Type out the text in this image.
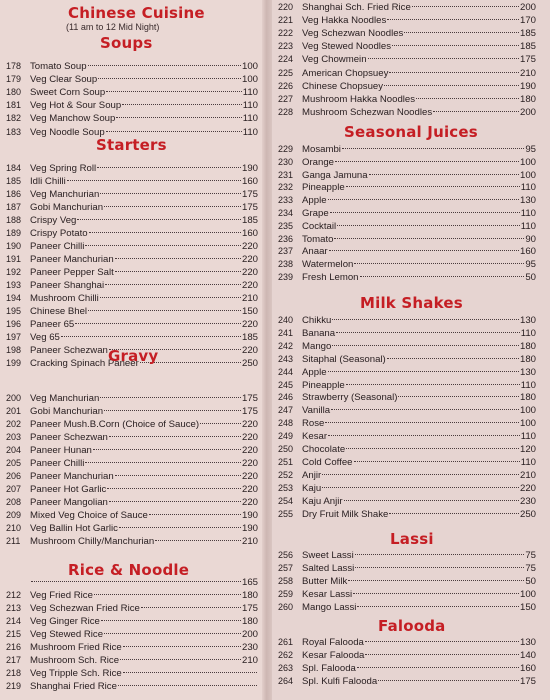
Chinese Cuisine
(11 am to 12 Mid Night)
Soups
178 Tomato Soup	100
179 Veg Clear Soup	100
180 Sweet Corn Soup	110
181 Veg Hot & Sour Soup	110
182 Veg Manchow Soup	110
183 Veg Noodle Soup	110
Starters
184 Veg Spring Roll	190
185 Idli Chilli	160
186 Veg Manchurian	175
187 Gobi Manchurian	175
188 Crispy Veg	185
189 Crispy Potato	160
190 Paneer Chilli	220
191 Paneer Manchurian	220
192 Paneer Pepper Salt	220
193 Paneer Shanghai	220
194 Mushroom Chilli	210
195 Chinese Bhel	150
196 Paneer 65	220
197 Veg 65	185
198 Paneer Schezwan	220
199 Cracking Spinach Paneer	250
Gravy
200 Veg Manchurian	175
201 Gobi Manchurian	175
202 Paneer Mush.B.Corn (Choice of Sauce)	220
203 Paneer Schezwan	220
204 Paneer Hunan	220
205 Paneer Chilli	220
206 Paneer Manchurian	220
207 Paneer Hot Garlic	220
208 Paneer Mangolian	220
209 Mixed Veg Choice of Sauce	190
210 Veg Ballin Hot Garlic	190
211	Mushroom Chilly/Manchurian	210
Rice & Noodle
165
212 Veg Fried Rice	180
213 Veg Schezwan Fried Rice	175
214 Veg Ginger Rice	180
215 Veg Stewed Rice	200
216 Mushroom Fried Rice	230
217 Mushroom Sch. Rice	210
218 Veg Tripple Sch. Rice
219 Shanghai Fried Rice
220 Shanghai Sch. Fried Rice	200
221 Veg Hakka Noodles	170
222 Veg Schezwan Noodles	185
223 Veg Stewed Noodles	185
224 Veg Chowmein	175
225 American Chopsuey	210
226 Chinese Chopsuey	190
227 Mushroom Hakka Noodles	180
228 Mushroom Schezwan Noodles	200
Seasonal Juices
229 Mosambi	95
230 Orange	100
231 Ganga Jamuna	100
232 Pineapple	110
233 Apple	130
234 Grape	110
235 Cocktail	110
236 Tomato	90
237 Anaar	160
238 Watermelon	95
239 Fresh Lemon	50
Milk Shakes
240 Chikku	130
241 Banana	110
242 Mango	180
243 Sitaphal (Seasonal)	180
244 Apple	130
245 Pineapple	110
246 Strawberry (Seasonal)	180
247 Vanilla	100
248 Rose	100
249 Kesar	110
250 Chocolate	120
251 Cold Coffee	110
252 Anjir	210
253 Kaju	220
254 Kaju Anjir	230
255 Dry Fruit Milk Shake	250
Lassi
256 Sweet Lassi	75
257 Salted Lassi	75
258 Butter Milk	50
259 Kesar Lassi	100
260 Mango Lassi	150
Falooda
261 Royal Falooda	130
262 Kesar Falooda	140
263 Spl. Falooda	160
264 Spl. Kulfi Falooda	175
